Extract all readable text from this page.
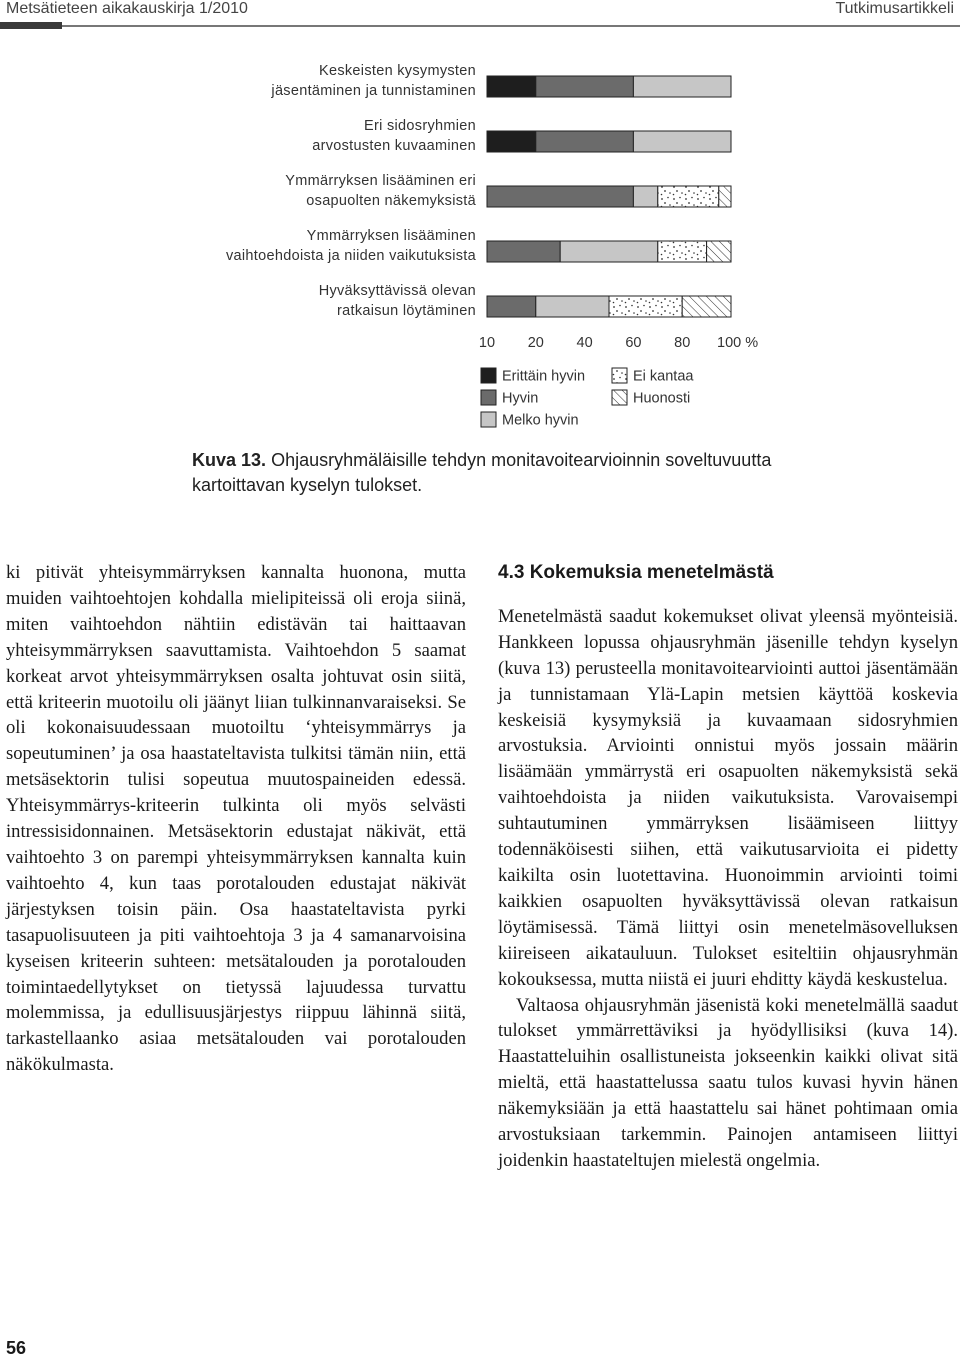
Metsätieteen aikakauskirja 1/2010	Tutkimusartikkeli
Keskeisten kysymysten
jäsentäminen ja tunnistaminen
Eri sidosryhmien
arvostusten kuvaaminen
Ymmärryksen lisääminen eri
osapuolten näkemyksistä
Ymmärryksen lisääminen
vaihtoehdoista ja niiden vaikutuksista
Hyväksyttävissä olevan
ratkaisun löytäminen
10 20 40 60 80 100 %
Erittäin hyvin
Hyvin
Melko hyvin
Ei kantaa
Huonosti
Kuva 13. Ohjausryhmäläisille tehdyn monitavoitearvioinnin soveltuvuutta kartoittavan kyselyn tulokset.

ki pitivät yhteisymmärryksen kannalta huonona, mutta muiden vaihtoehtojen kohdalla mielipiteissä oli eroja siinä, miten vaihtoehdon nähtiin edistävän tai haittaavan yhteisymmärryksen saavuttamista. Vaihtoehdon 5 saamat korkeat arvot yhteisymmärryksen osalta johtuvat osin siitä, että kriteerin muotoilu oli jäänyt liian tulkinnanvaraiseksi. Se oli kokonaisuudessaan muotoiltu ‘yhteisymmärrys ja sopeutuminen’ ja osa haastateltavista tulkitsi tämän niin, että metsäsektorin tulisi sopeutua muutospaineiden edessä. Yhteisymmärrys-kriteerin tulkinta oli myös selvästi intressisidonnainen. Metsäsektorin edustajat näkivät, että vaihtoehto 3 on parempi yhteisymmärryksen kannalta kuin vaihtoehto 4, kun taas porotalouden edustajat näkivät järjestyksen toisin päin. Osa haastateltavista pyrki tasapuolisuuteen ja piti vaihtoehtoja 3 ja 4 samanarvoisina kyseisen kriteerin suhteen: metsätalouden ja porotalouden toimintaedellytykset on tietyssä lajuudessa turvattu molemmissa, ja edullisuusjärjestys riippuu lähinnä siitä, tarkastellaanko asiaa metsätalouden vai porotalouden näkökulmasta.

4.3 Kokemuksia menetelmästä

Menetelmästä saadut kokemukset olivat yleensä myönteisiä. Hankkeen lopussa ohjausryhmän jäsenille tehdyn kyselyn (kuva 13) perusteella monitavoitearviointi auttoi jäsentämään ja tunnistamaan Ylä-Lapin metsien käyttöä koskevia keskeisiä kysymyksiä ja kuvaamaan sidosryhmien arvostuksia. Arviointi onnistui myös jossain määrin lisäämään ymmärrystä eri osapuolten näkemyksistä sekä vaihtoehdoista ja niiden vaikutuksista. Varovaisempi suhtautuminen ymmärryksen lisäämiseen liittyy todennäköisesti siihen, että vaikutusarvioita ei pidetty kaikilta osin luotettavina. Huonoimmin arviointi toimi kaikkien osapuolten hyväksyttävissä olevan ratkaisun löytämisessä. Tämä liittyi osin menetelmäsovelluksen kiireiseen aikatauluun. Tulokset esiteltiin ohjausryhmän kokouksessa, mutta niistä ei juuri ehditty käydä keskustelua.

Valtaosa ohjausryhmän jäsenistä koki menetelmällä saadut tulokset ymmärrettäviksi ja hyödyllisiksi (kuva 14). Haastatteluihin osallistuneista jokseenkin kaikki olivat sitä mieltä, että haastattelussa saatu tulos kuvasi hyvin hänen näkemyksiään ja että haastattelu sai hänet pohtimaan omia arvostuksiaan tarkemmin. Painojen antamiseen liittyi joidenkin haastateltujen mielestä ongelmia.

56
